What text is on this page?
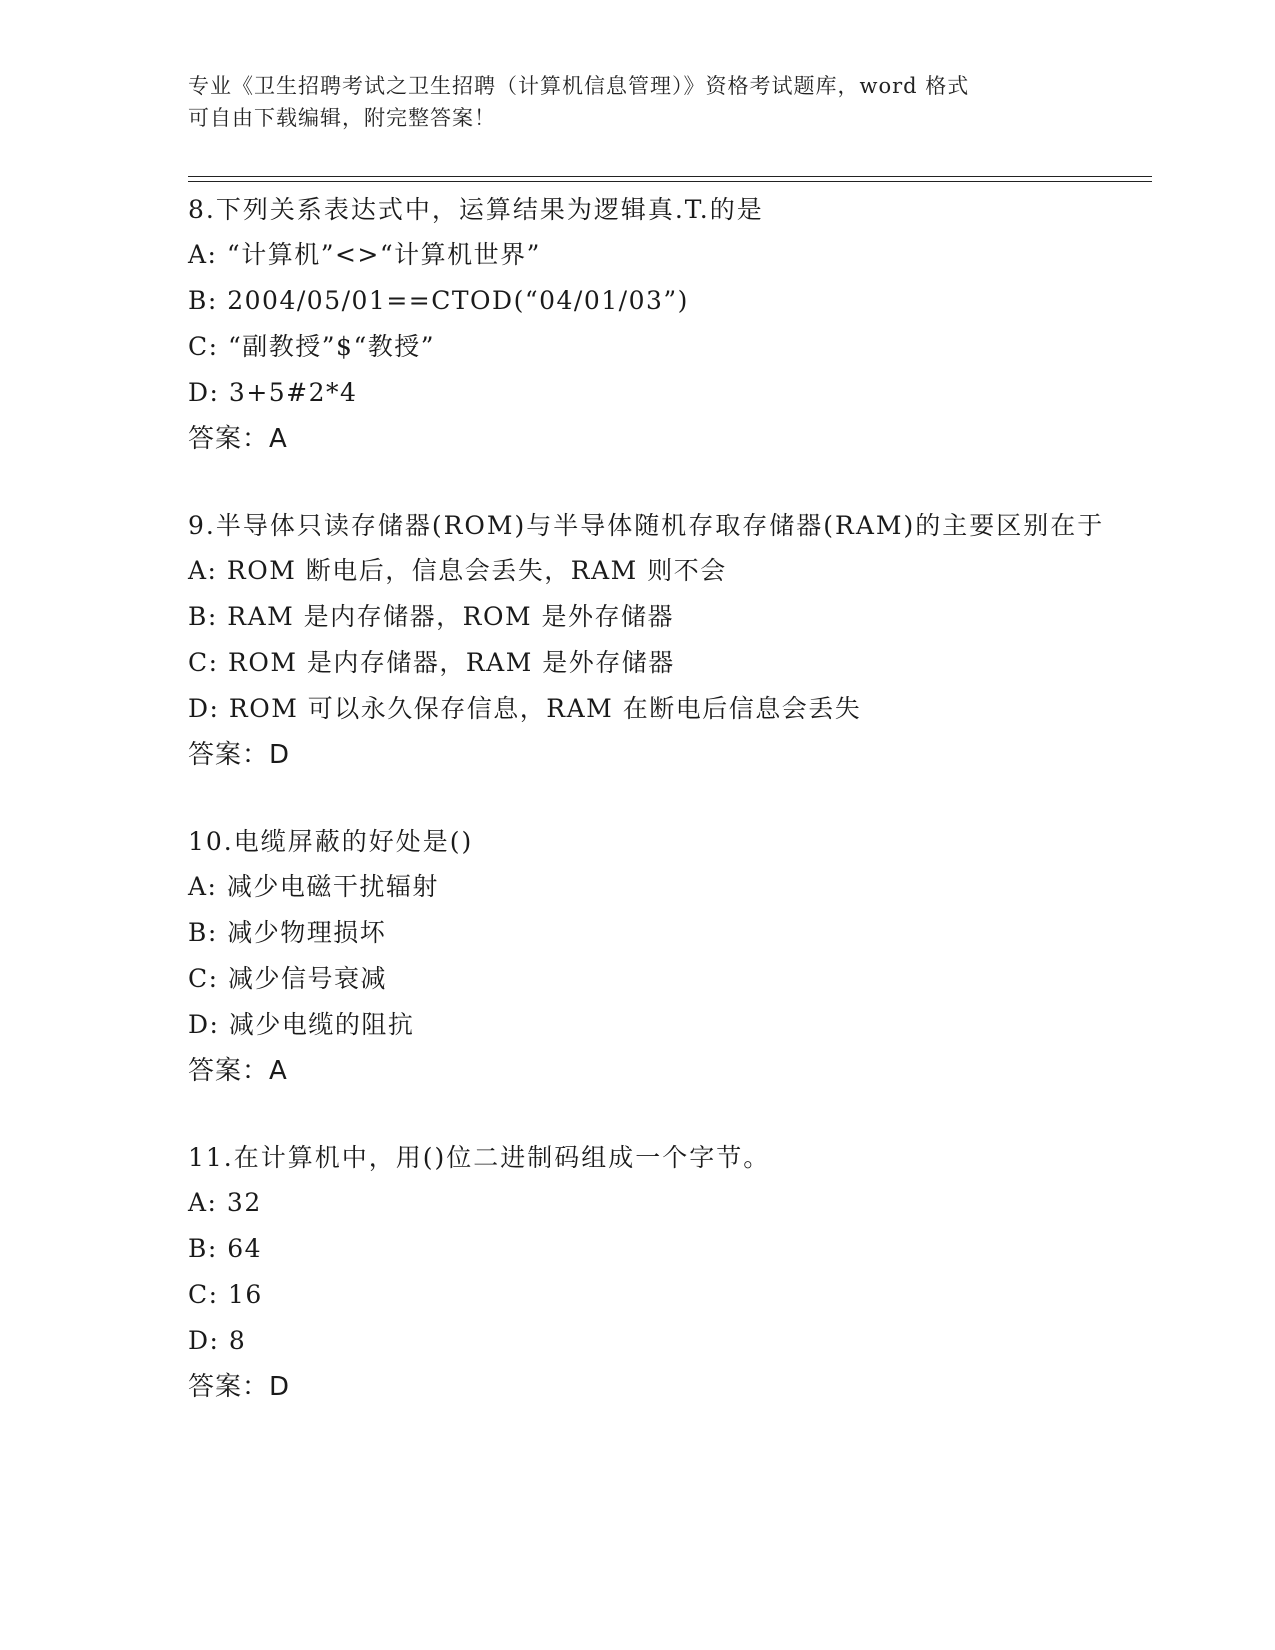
专业《卫生招聘考试之卫生招聘（计算机信息管理）》资格考试题库，word 格式
可自由下载编辑，附完整答案！

8.下列关系表达式中，运算结果为逻辑真.T.的是

A: “计算机”<>“计算机世界”

B: 2004/05/01==CTOD(“04/01/03”)

C: “副教授”$“教授”

D: 3+5#2*4

答案：A

9.半导体只读存储器(ROM)与半导体随机存取存储器(RAM)的主要区别在于

A: ROM 断电后，信息会丢失，RAM 则不会

B: RAM 是内存储器，ROM 是外存储器

C: ROM 是内存储器，RAM 是外存储器

D: ROM 可以永久保存信息，RAM 在断电后信息会丢失

答案：D

10.电缆屏蔽的好处是()

A: 减少电磁干扰辐射

B: 减少物理损坏

C: 减少信号衰减

D: 减少电缆的阻抗

答案：A

11.在计算机中，用()位二进制码组成一个字节。

A: 32

B: 64

C: 16

D: 8

答案：D
